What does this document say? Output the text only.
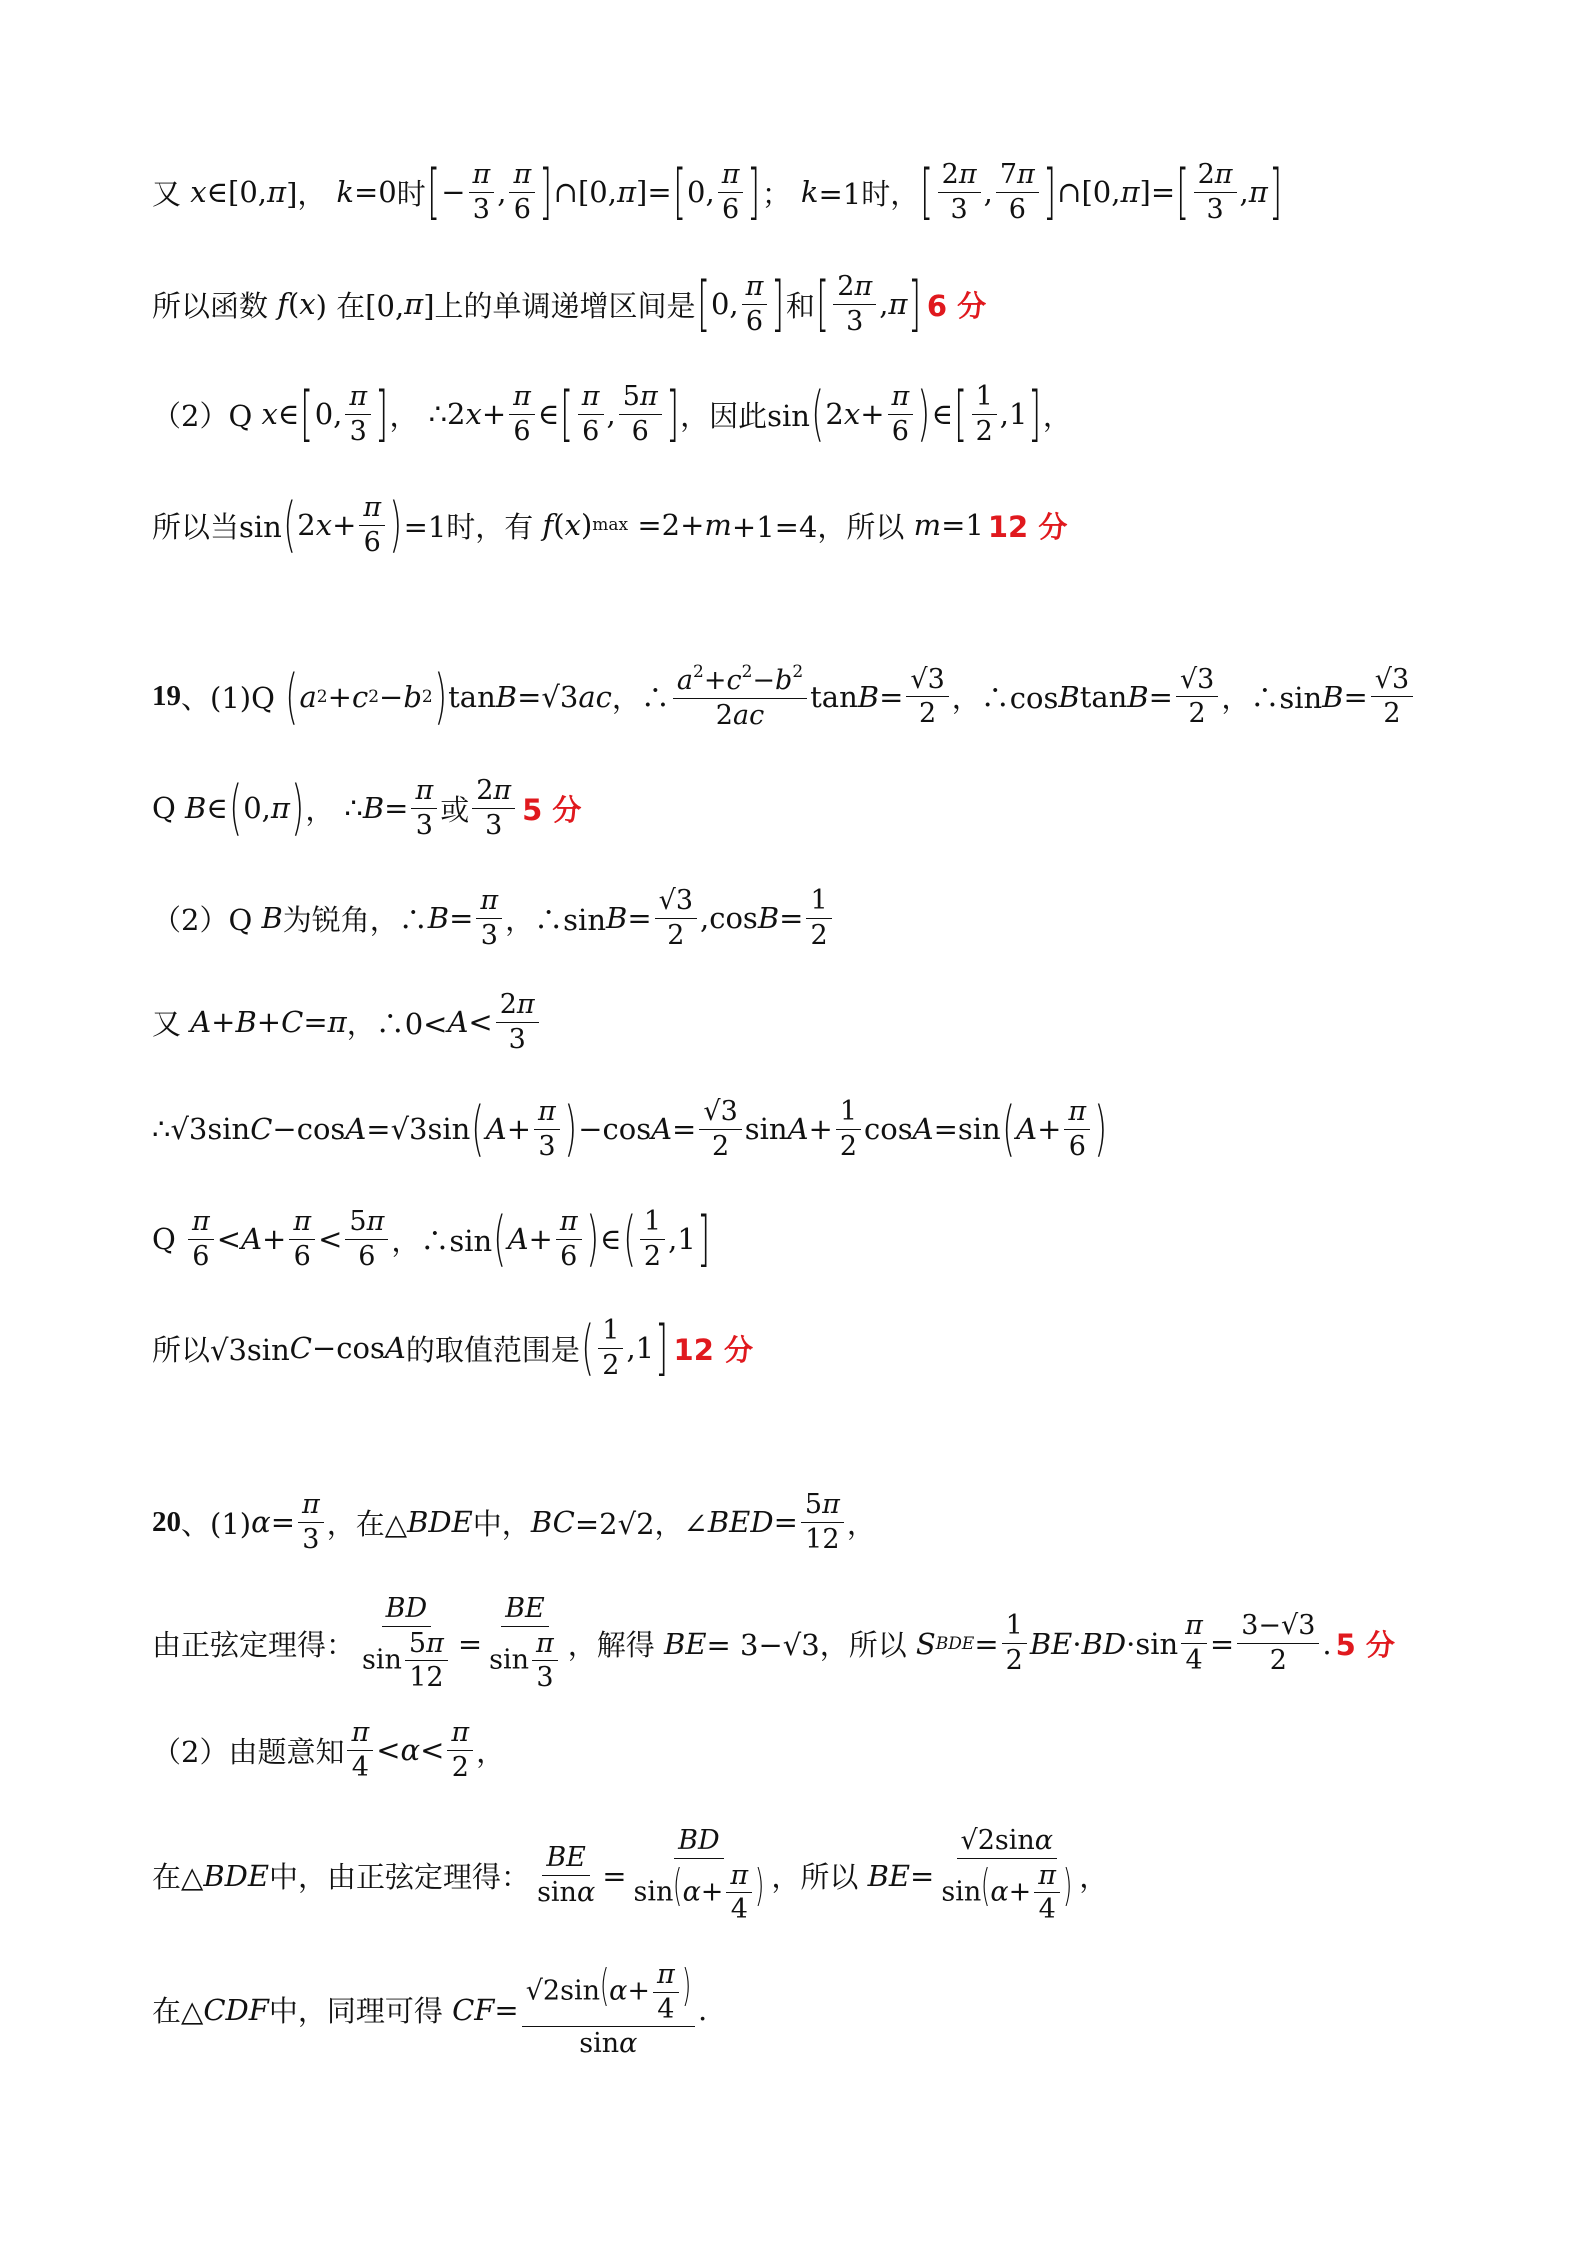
又 x ∈[0, π ]， k =0 时 [ − $\frac{\pi}{3}$ , $\frac{\pi}{6}$ ] ∩[0, π ]= [ 0, $\frac{\pi}{6}$ ] ； k =1时， [ $\frac{2\pi}{3}$ , $\frac{7\pi}{6}$ ] ∩[0, π ]= [ $\frac{2\pi}{3}$ , π ]
所以函数 f ( x ) 在[0, π ]上的单调递增区间是 [ 0, $\frac{\pi}{6}$ ] 和 [ $\frac{2\pi}{3}$ , π ] 6 分
（2）Q x ∈ [ 0, $\frac{\pi}{3}$ ] ， ∴2 $x + \frac{\pi}{6}$ ∈ [ $\frac{\pi}{6}$ , $\frac{5\pi}{6}$ ] ，因此sin ( 2 $x + \frac{\pi}{6}$ ) ∈ [ $\frac{1}{2} ,1$ ] ，
所以当sin ( 2 $x + \frac{\pi}{6}$ ) =1时，有 f ( x ) max =2+ m +1=4，所以 m =1 12 分
19 、(1)Q ( a 2 + c 2 − b 2 ) tan B =√3 ac ，∴ $\frac{a^2+c^2-b^2}{2ac}$ $\tan B = \frac{√3}{2}$ ，∴cos B $\tan B = \frac{√3}{2}$ ，∴sin $B = \frac{√3}{2}$
Q B ∈ ( 0, π ) ， ∴ $B = \frac{\pi}{3}$ 或 $\frac{2\pi}{3} 5$ 分
（2）Q B 为锐角，∴ $B = \frac{\pi}{3}$ ，∴sin $B = \frac{√3}{2} ,\cos$ $B = \frac{1}{2}$
又 A + B + C = π ，∴0< $A < \frac{2\pi}{3}$
∴√3sin C −cos A =√3sin ( $A + \frac{\pi}{3}$ ) −cos $A = \frac{√3}{2}$ $\sin A + \frac{1}{2}$ cos A =sin ( $A + \frac{\pi}{6}$ )
Q $\frac{\pi}{6} < A + \frac{\pi}{6} < \frac{5\pi}{6}$ ，∴sin ( $A + \frac{\pi}{6}$ ) ∈ ( $\frac{1}{2} ,1$ ]
所以√3sin C −cos A 的取值范围是 ( $\frac{1}{2} ,1$ ] 12 分
20 、(1) $\alpha = \frac{\pi}{3}$ ，在△ BDE 中， BC =2√2，∠ BED = $\frac{5\pi}{12}$ ，
由正弦定理得： $\frac{BD}{\sin \frac{5\pi}{12}} = \frac{BE}{\sin \frac{\pi}{3}}$ ，解得 BE = 3−√3，所以 S BDE = $\frac{1}{2}$ BE · BD $\cdot\sin \frac{\pi}{4} = \frac{3-√3}{2}$ . 5 分
（2）由题意知 $\frac{\pi}{4} < \alpha < \frac{\pi}{2}$ ，
在△ BDE 中，由正弦定理得： $\frac{BE}{\sin\alpha} = \frac{BD}{\sin(\alpha+ \frac{\pi}{4} )}$ ，所以 BE = $\frac{√2\sin\alpha}{\sin(\alpha+ \frac{\pi}{4} )}$ ，
在△ CDF 中，同理可得 CF = $\frac{√2\sin(\alpha+ \frac{\pi}{4} )}{\sin\alpha}$ .
